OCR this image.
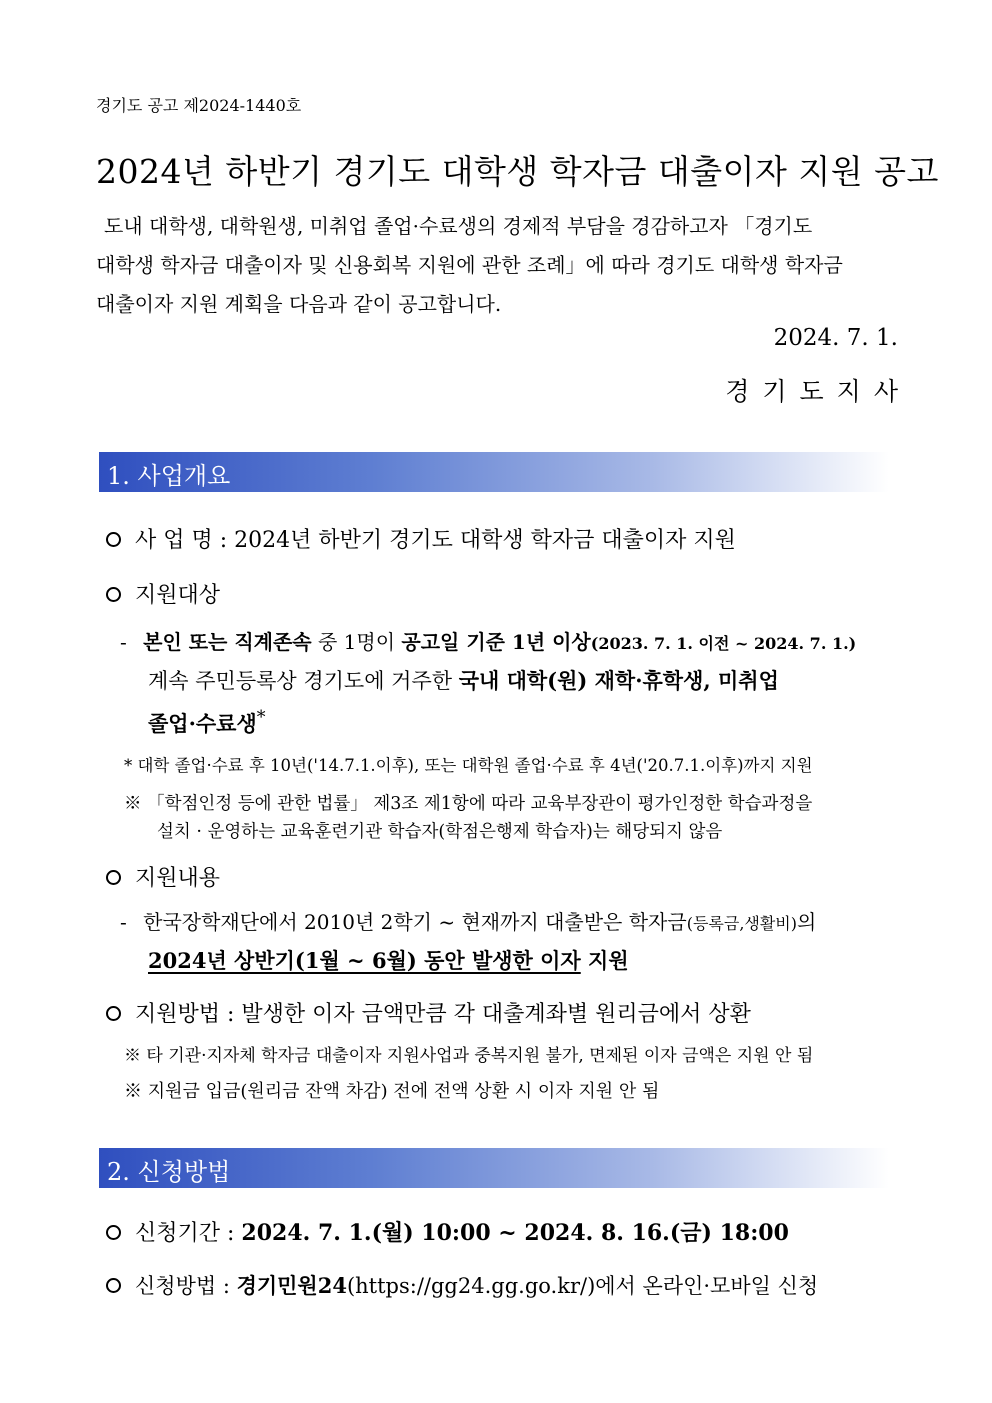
경기도 공고 제2024-1440호
2024년 하반기 경기도 대학생 학자금 대출이자 지원 공고
도내 대학생, 대학원생, 미취업 졸업·수료생의 경제적 부담을 경감하고자 「경기도
대학생 학자금 대출이자 및 신용회복 지원에 관한 조례」에 따라 경기도 대학생 학자금
대출이자 지원 계획을 다음과 같이 공고합니다.
2024. 7. 1.
경기도지사
1. 사업개요
사 업 명 : 2024년 하반기 경기도 대학생 학자금 대출이자 지원
지원대상
- 본인 또는 직계존속 중 1명이 공고일 기준 1년 이상(2023. 7. 1. 이전 ~ 2024. 7. 1.)
계속 주민등록상 경기도에 거주한 국내 대학(원) 재학·휴학생, 미취업
졸업·수료생*
* 대학 졸업·수료 후 10년('14.7.1.이후), 또는 대학원 졸업·수료 후 4년('20.7.1.이후)까지 지원
※ 「학점인정 등에 관한 법률」 제3조 제1항에 따라 교육부장관이 평가인정한 학습과정을
설치 · 운영하는 교육훈련기관 학습자(학점은행제 학습자)는 해당되지 않음
지원내용
- 한국장학재단에서 2010년 2학기 ~ 현재까지 대출받은 학자금(등록금,생활비)의
2024년 상반기(1월 ~ 6월) 동안 발생한 이자 지원
지원방법 : 발생한 이자 금액만큼 각 대출계좌별 원리금에서 상환
※ 타 기관·지자체 학자금 대출이자 지원사업과 중복지원 불가, 면제된 이자 금액은 지원 안 됨
※ 지원금 입금(원리금 잔액 차감) 전에 전액 상환 시 이자 지원 안 됨
2. 신청방법
신청기간 : 2024. 7. 1.(월) 10:00 ~ 2024. 8. 16.(금) 18:00
신청방법 : 경기민원24(https://gg24.gg.go.kr/)에서 온라인·모바일 신청
